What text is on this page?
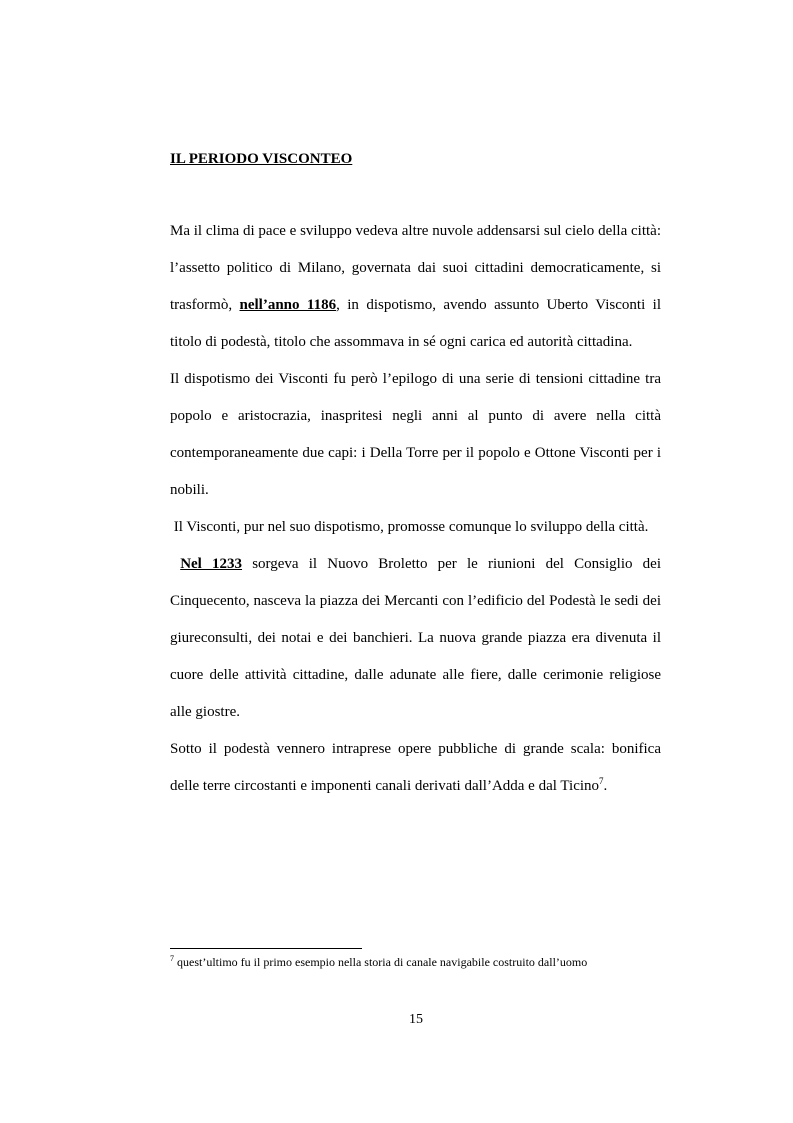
IL PERIODO VISCONTEO

Ma il clima di pace e sviluppo vedeva altre nuvole addensarsi sul cielo della città: l’assetto politico di Milano, governata dai suoi cittadini democraticamente, si trasformò, nell’anno 1186, in dispotismo, avendo assunto Uberto Visconti il titolo di podestà, titolo che assommava in sé ogni carica ed autorità cittadina.

Il dispotismo dei Visconti fu però l’epilogo di una serie di tensioni cittadine tra popolo e aristocrazia, inaspritesi negli anni al punto di avere nella città contemporaneamente due capi: i Della Torre per il popolo e Ottone Visconti per i nobili.

Il Visconti, pur nel suo dispotismo, promosse comunque lo sviluppo della città.

Nel 1233 sorgeva il Nuovo Broletto per le riunioni del Consiglio dei Cinquecento, nasceva la piazza dei Mercanti con l’edificio del Podestà le sedi dei giureconsulti, dei notai e dei banchieri. La nuova grande piazza era divenuta il cuore delle attività cittadine, dalle adunate alle fiere, dalle cerimonie religiose alle giostre.

Sotto il podestà vennero intraprese opere pubbliche di grande scala: bonifica delle terre circostanti e imponenti canali derivati dall’Adda e dal Ticino$^7$.

$^7$ quest’ultimo fu il primo esempio nella storia di canale navigabile costruito dall’uomo
15
